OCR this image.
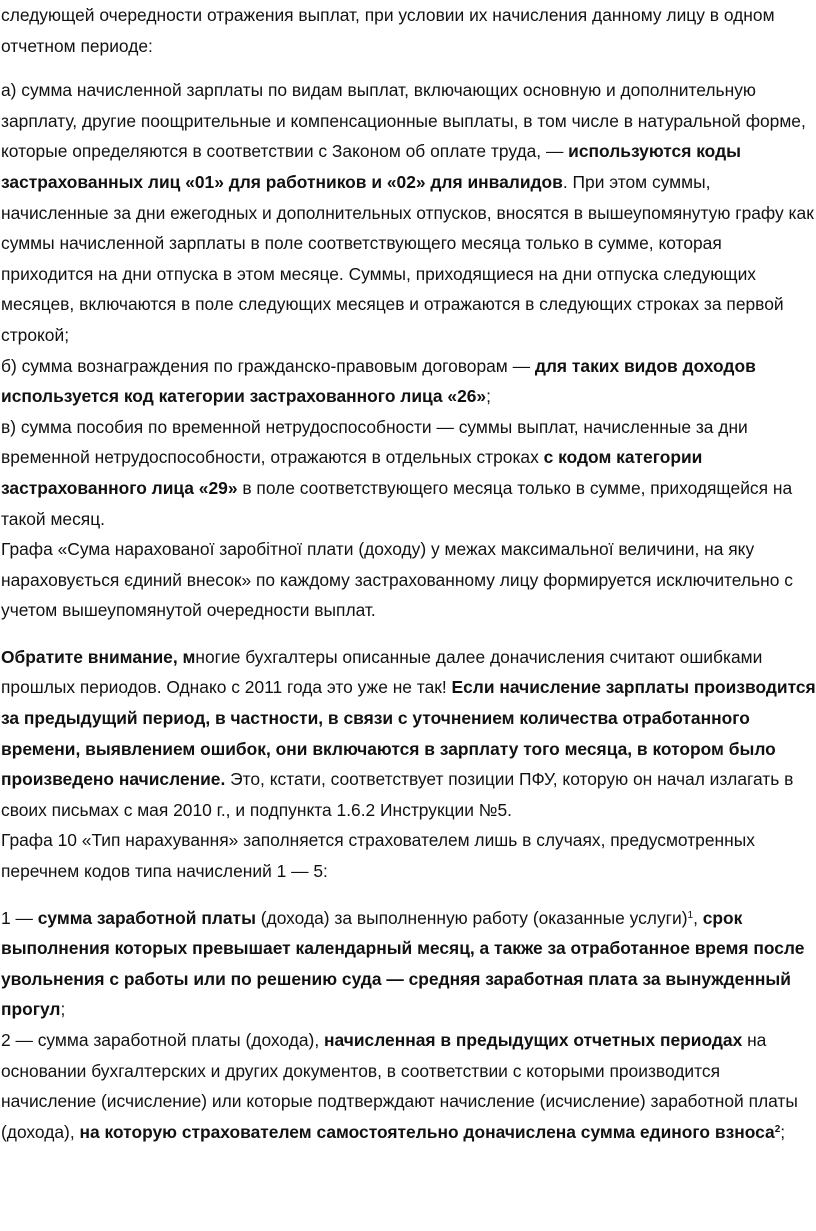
следующей очередности отражения выплат, при условии их начисления данному лицу в одном отчетном периоде:

а) сумма начисленной зарплаты по видам выплат, включающих основную и дополнительную зарплату, другие поощрительные и компенсационные выплаты, в том числе в натуральной форме, которые определяются в соответствии с Законом об оплате труда, — используются коды застрахованных лиц «01» для работников и «02» для инвалидов. При этом суммы, начисленные за дни ежегодных и дополнительных отпусков, вносятся в вышеупомянутую графу как суммы начисленной зарплаты в поле соответствующего месяца только в сумме, которая приходится на дни отпуска в этом месяце. Суммы, приходящиеся на дни отпуска следующих месяцев, включаются в поле следующих месяцев и отражаются в следующих строках за первой строкой;

б) сумма вознаграждения по гражданско-правовым договорам — для таких видов доходов используется код категории застрахованного лица «26»;

в) сумма пособия по временной нетрудоспособности — суммы выплат, начисленные за дни временной нетрудоспособности, отражаются в отдельных строках с кодом категории застрахованного лица «29» в поле соответствующего месяца только в сумме, приходящейся на такой месяц.

Графа «Сума нарахованої заробітної плати (доходу) у межах максимальної величини, на яку нараховується єдиний внесок» по каждому застрахованному лицу формируется исключительно с учетом вышеупомянутой очередности выплат.

Обратите внимание, многие бухгалтеры описанные далее доначисления считают ошибками прошлых периодов. Однако с 2011 года это уже не так! Если начисление зарплаты производится за предыдущий период, в частности, в связи с уточнением количества отработанного времени, выявлением ошибок, они включаются в зарплату того месяца, в котором было произведено начисление. Это, кстати, соответствует позиции ПФУ, которую он начал излагать в своих письмах с мая 2010 г., и подпункта 1.6.2 Инструкции №5.

Графа 10 «Тип нарахування» заполняется страхователем лишь в случаях, предусмотренных перечнем кодов типа начислений 1 — 5:

1 — сумма заработной платы (дохода) за выполненную работу (оказанные услуги)$^1$, срок выполнения которых превышает календарный месяц, а также за отработанное время после увольнения с работы или по решению суда — средняя заработная плата за вынужденный прогул;

2 — сумма заработной платы (дохода), начисленная в предыдущих отчетных периодах на основании бухгалтерских и других документов, в соответствии с которыми производится начисление (исчисление) или которые подтверждают начисление (исчисление) заработной платы (дохода), на которую страхователем самостоятельно доначислена сумма единого взноса$^2$;
